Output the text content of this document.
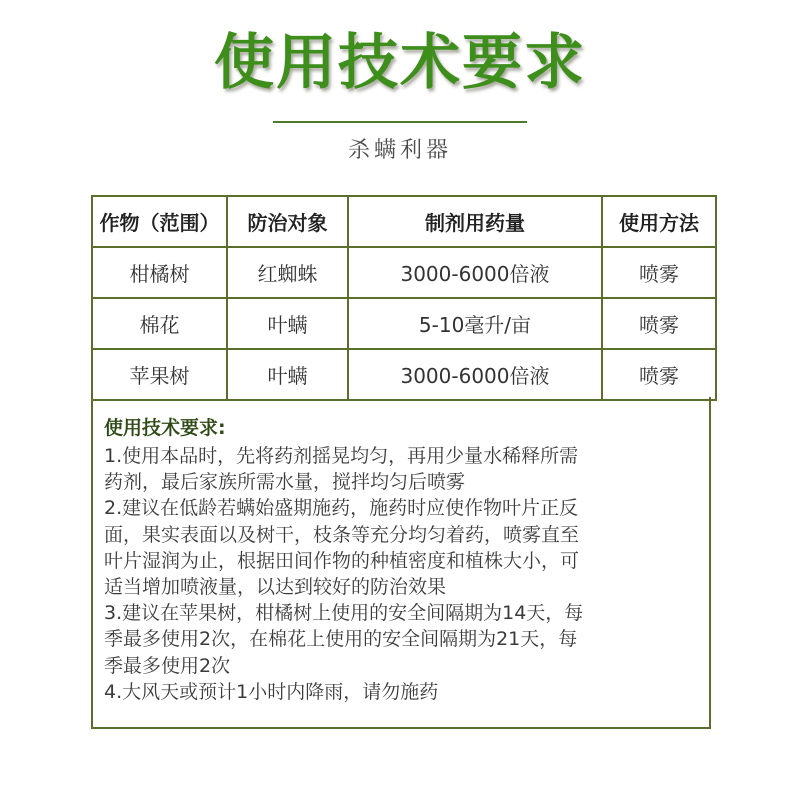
使用技术要求
杀螨利器
作物（范围）	防治对象	制剂用药量	使用方法
柑橘树	红蜘蛛	3000-6000倍液	喷雾
棉花	叶螨	5-10毫升/亩	喷雾
苹果树	叶螨	3000-6000倍液	喷雾
使用技术要求:
1.使用本品时，先将药剂摇晃均匀，再用少量水稀释所需
药剂，最后家族所需水量，搅拌均匀后喷雾
2.建议在低龄若螨始盛期施药，施药时应使作物叶片正反
面，果实表面以及树干，枝条等充分均匀着药，喷雾直至
叶片湿润为止，根据田间作物的种植密度和植株大小，可
适当增加喷液量，以达到较好的防治效果
3.建议在苹果树，柑橘树上使用的安全间隔期为14天，每
季最多使用2次，在棉花上使用的安全间隔期为21天，每
季最多使用2次
4.大风天或预计1小时内降雨，请勿施药
